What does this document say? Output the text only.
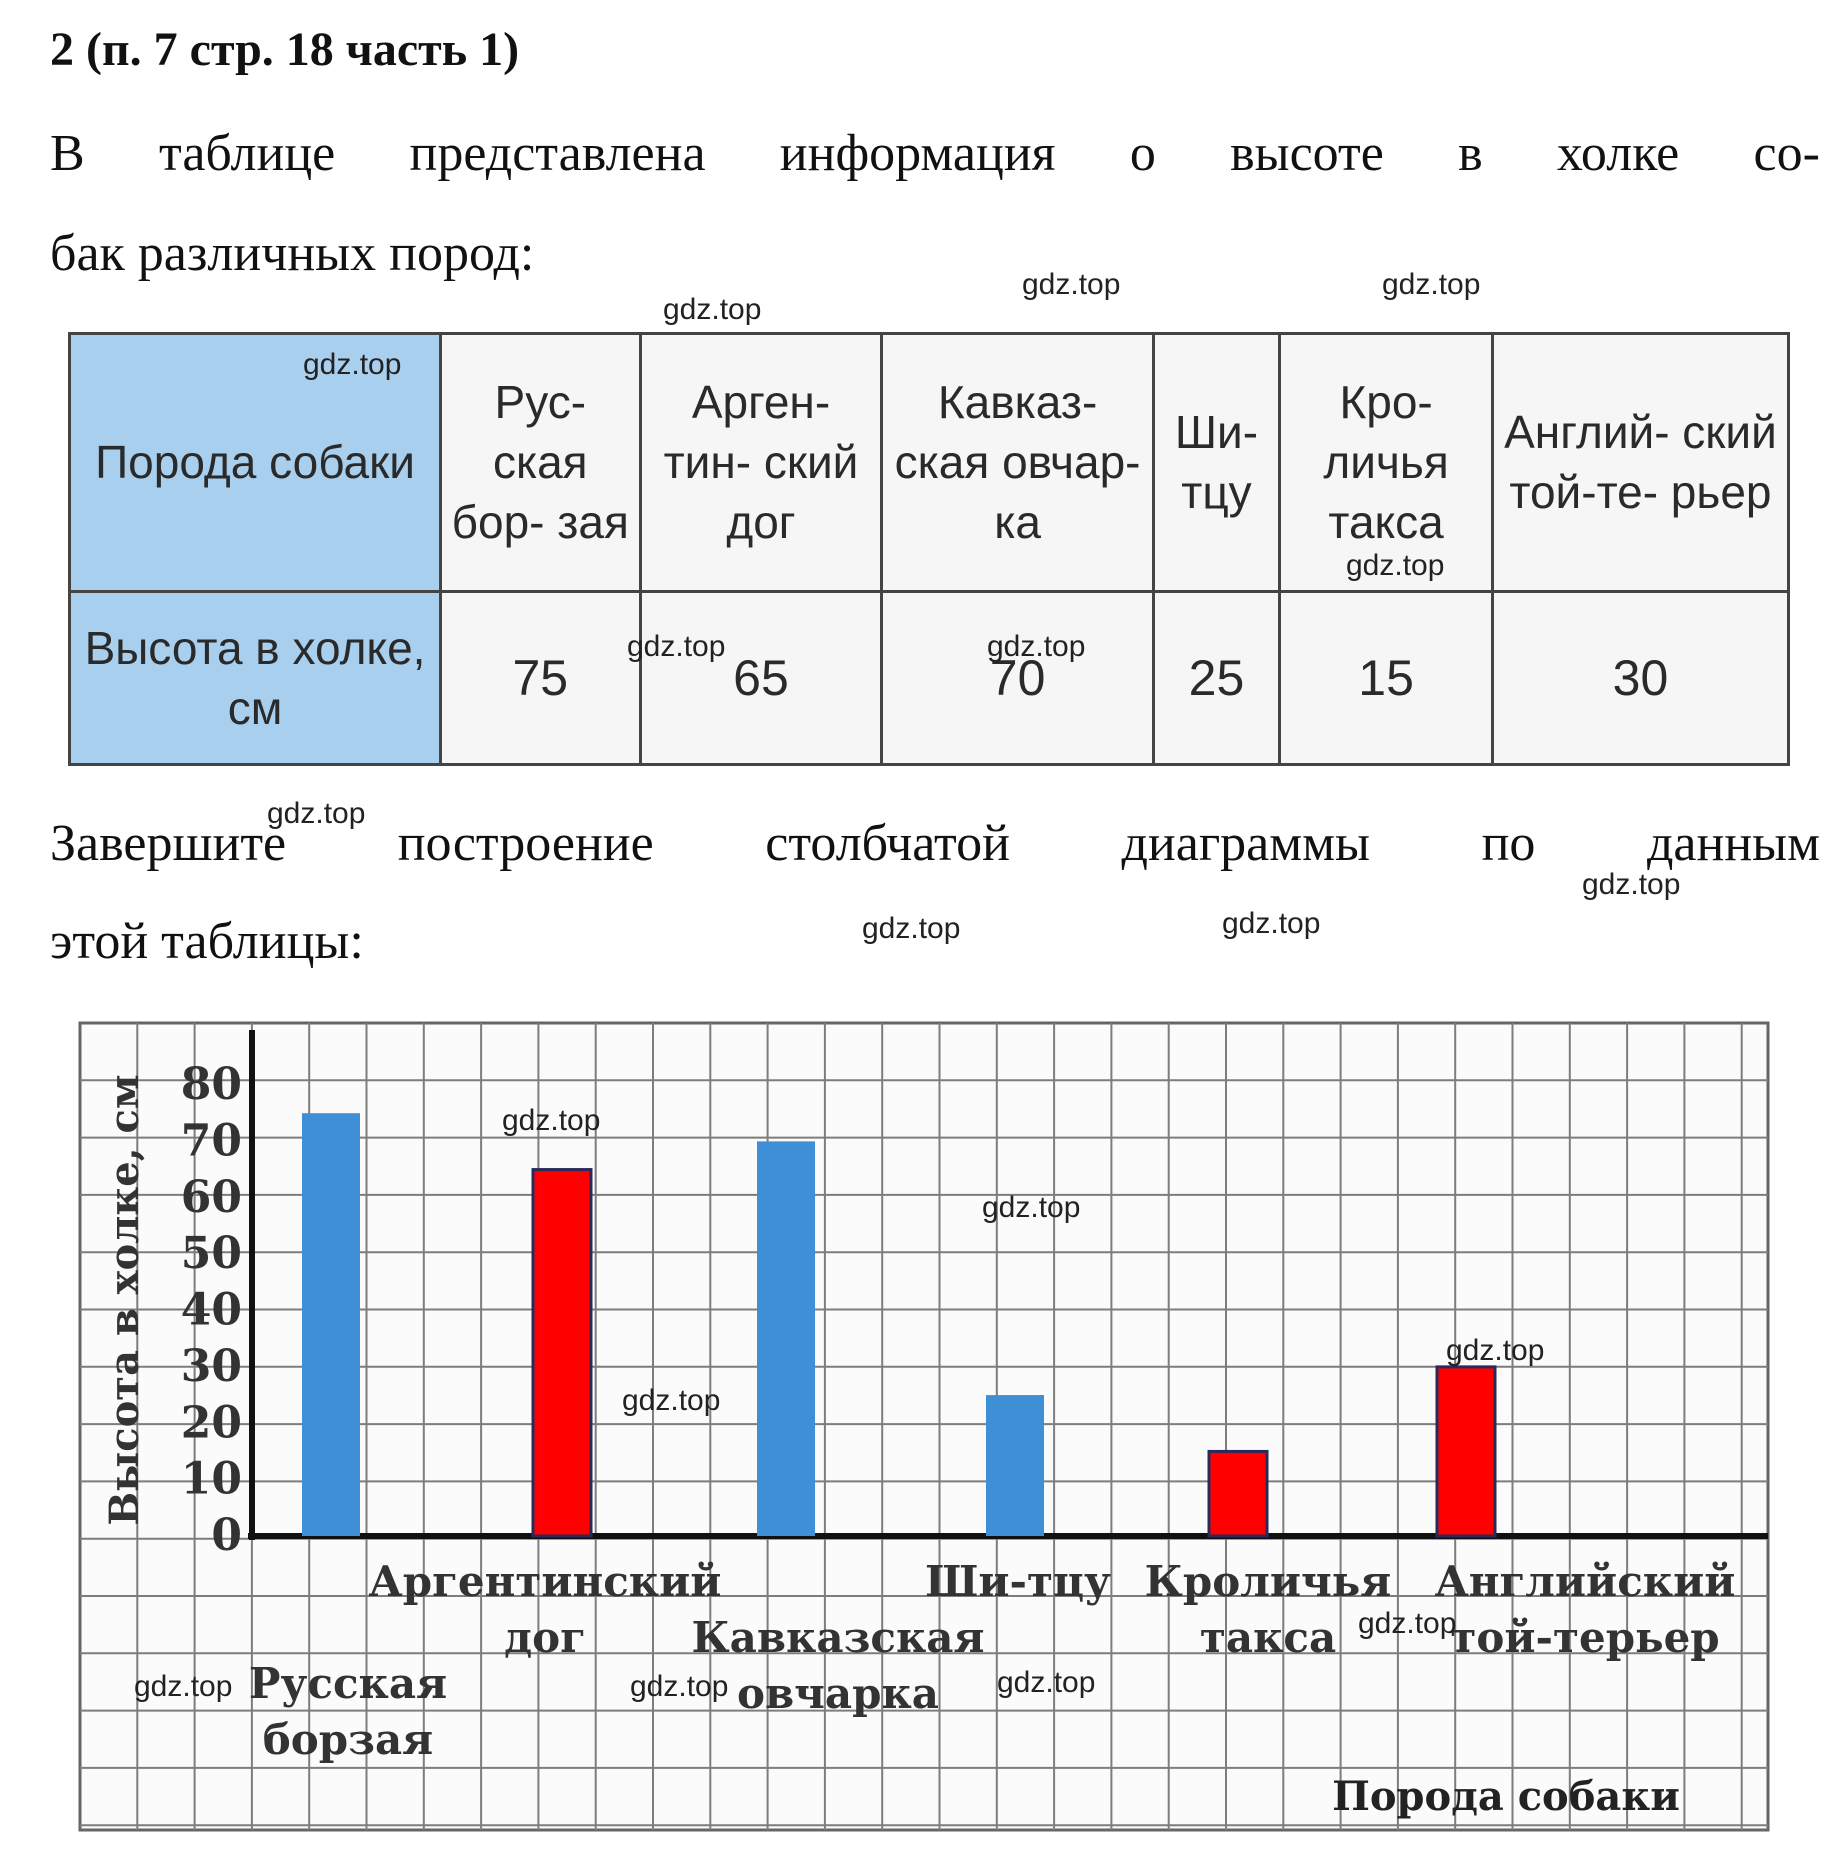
2 (п. 7 стр. 18 часть 1)
В таблице представлена информация о высоте в холке со-
бак различных пород:
Порода собаки	Рус- ская бор- зая	Арген- тин- ский дог	Кавказ- ская овчар- ка	Ши- тцу	Кро- личья такса	Англий- ский той-те- рьер
Высота в холке, см	75	65	70	25	15	30
Завершите построение столбчатой диаграммы по данным
этой таблицы:
0
10
20
30
40
50
60
70
80
Высота в холке, см
Русская
борзая
Аргентинский
дог	Кавказская
овчарка
Ши-тцу Кроличья
такса
Английский
той-терьер
Порода собаки
gdz.top
gdz.top	gdz.top
gdz.top
gdz.top
gdz.top	gdz.top
gdz.top
gdz.top
gdz.top	gdz.top
gdz.top
gdz.top
gdz.top
gdz.top
gdz.top
gdz.top	gdz.top	gdz.top
